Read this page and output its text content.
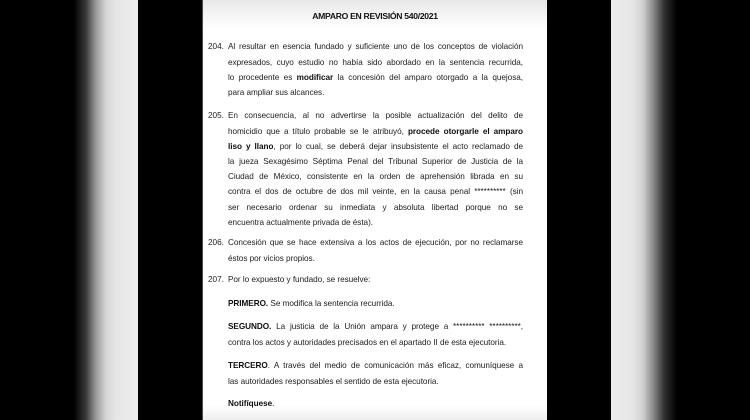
AMPARO EN REVISIÓN 540/2021
204. Al resultar en esencia fundado y suficiente uno de los conceptos de violación
expresados, cuyo estudio no había sido abordado en la sentencia recurrida,
lo procedente es modificar la concesión del amparo otorgado a la quejosa,
para ampliar sus alcances.
205. En consecuencia, al no advertirse la posible actualización del delito de
homicidio que a título probable se le atribuyó, procede otorgarle el amparo
liso y llano, por lo cual, se deberá dejar insubsistente el acto reclamado de
la jueza Sexagésimo Séptima Penal del Tribunal Superior de Justicia de la
Ciudad de México, consistente en la orden de aprehensión librada en su
contra el dos de octubre de dos mil veinte, en la causa penal ********** (sin
ser necesario ordenar su inmediata y absoluta libertad porque no se
encuentra actualmente privada de ésta).
206. Concesión que se hace extensiva a los actos de ejecución, por no reclamarse
éstos por vicios propios.
207. Por lo expuesto y fundado, se resuelve:
PRIMERO. Se modifica la sentencia recurrida.
SEGUNDO. La justicia de la Unión ampara y protege a ********** **********,
contra los actos y autoridades precisados en el apartado II de esta ejecutoria.
TERCERO. A través del medio de comunicación más eficaz, comuníquese a
las autoridades responsables el sentido de esta ejecutoria.
Notifíquese.
